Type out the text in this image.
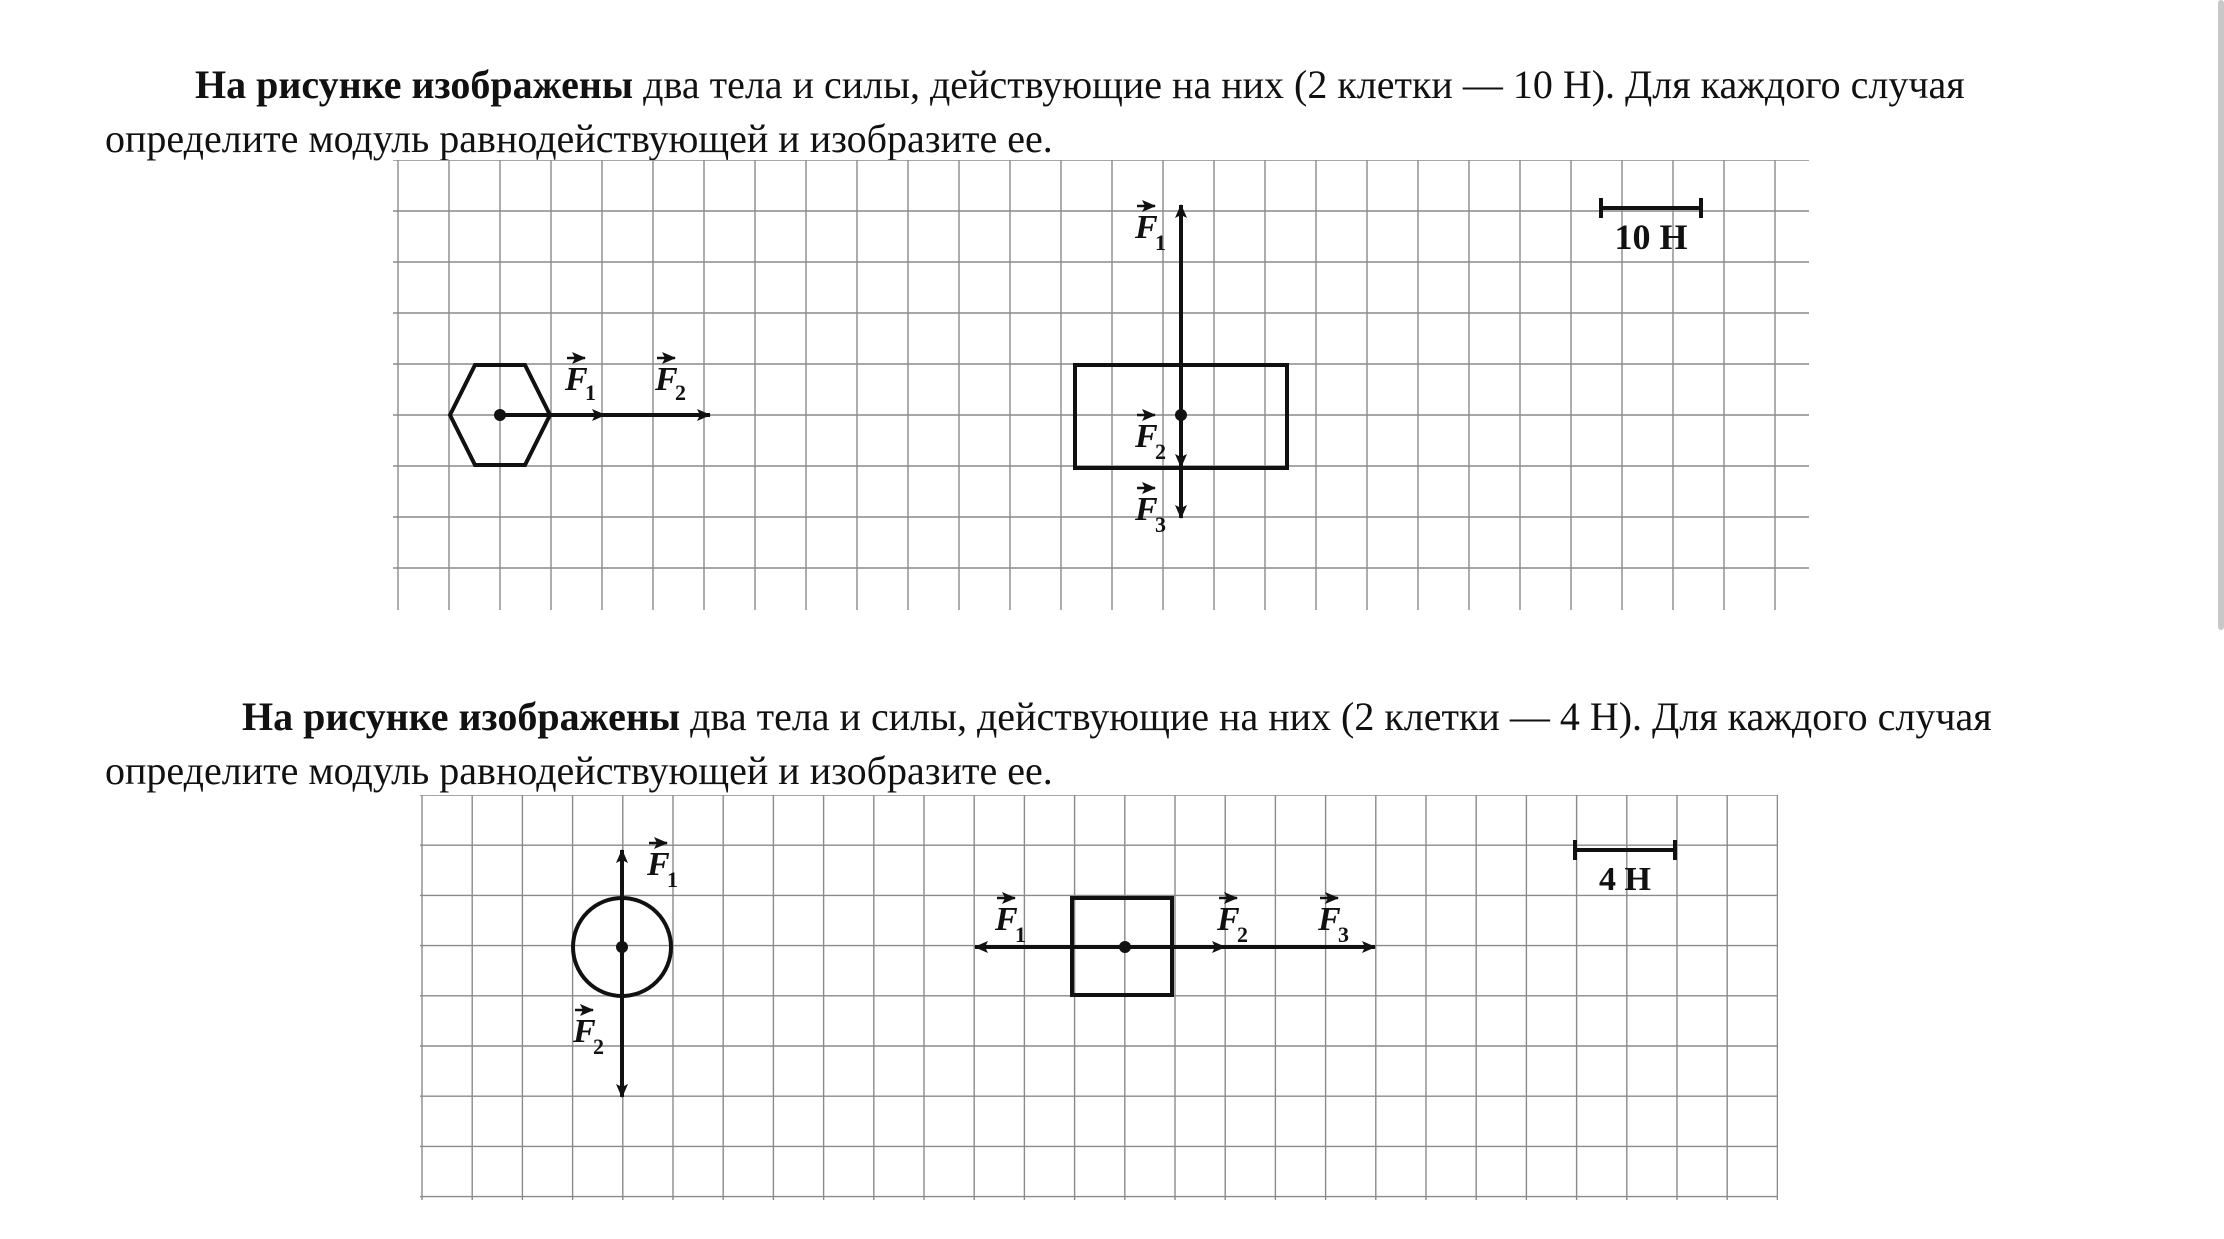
На рисунке изображены два тела и силы, действующие на них (2 клетки — 10 Н). Для каждого случая определите модуль равнодействующей и изобразите ее.

10 Н
F
1 F
2
F
1
F
2
F
3

На рисунке изображены два тела и силы, действующие на них (2 клетки — 4 Н). Для каждого случая определите модуль равнодействующей и изобразите ее.

4 Н
F
1
F
2
F
1	F
2 F
3
